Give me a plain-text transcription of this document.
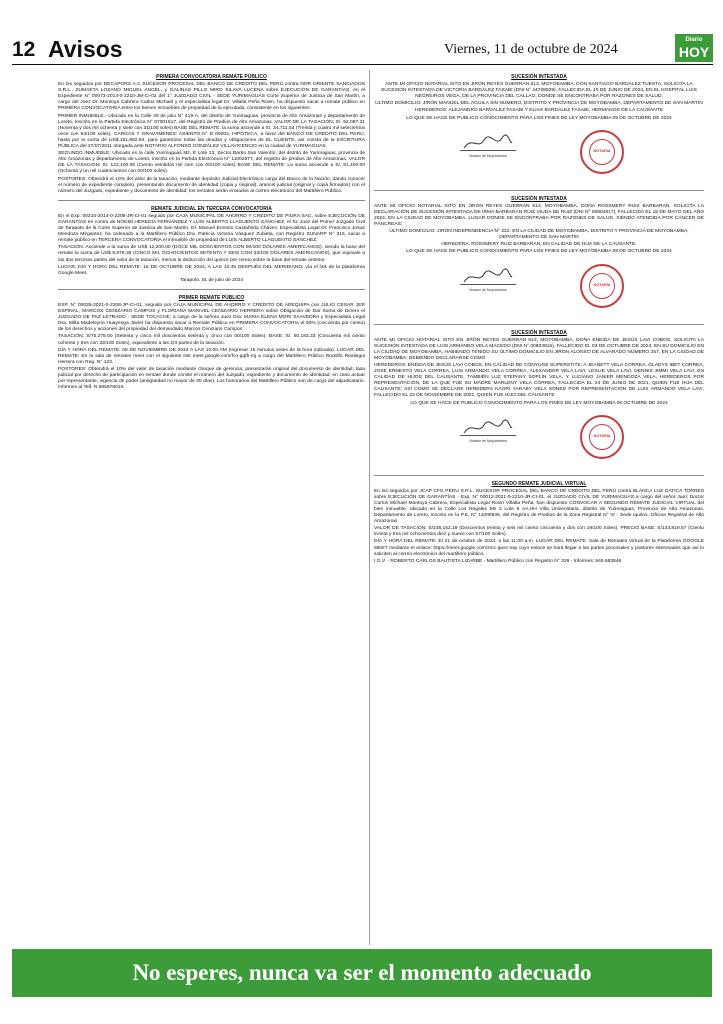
12 Avisos	Viernes, 11 de octubre de 2024
Diario
HOY
PRIMERA CONVOCATORIA REMATE PÚBLICO

En los seguidos por DECAPORS A.C SUCESOR PROCESAL DEL BANCO DE CRÉDITO DEL PERÚ contra NOR ORIENTE SANCIADOS S.R.L., ZUMAETA LOZANO MIGUEL ANGEL, y GALINAS PILLO MIRO SILAVA LUCENA sobre EJECUCIÓN DE GARANTÍAS, en el Expediente N° 00073-2014-0-2210-JM-CI-02 del 1° JUZGADO CIVIL - SEDE YURIMAGUAS Corte Superior de Justicia de San Martín, a cargo del Juez Dr. Montoya Cabrera Carlos Michael y el especialista legal Dr. Villalta Peña Rovin, ha dispuesto sacar a remate público en PRIMERA CONVOCATORIA entre los bienes inmuebles de propiedad de la ejecutada, consistente en los siguientes:

PRIMER INMUEBLE.- Ubicado en la Calle 28 de julio N° 419-A, del distrito de Yurimaguas, provincia de Alto Amazonas y departamento de Loreto, inscrito en la Partida Electrónica N° 07001617, del Registro de Predios de Alto Amazonas. VALOR DE LA TASACIÓN: S/. 92,087.31 (Noventa y dos mil ochenta y siete con 31/100 soles) BASE DEL REMATE: la suma asciende a S/. 34,711.54 (Treinta y cuatro mil setecientos once con 54/100 soles). CARGAS Y GRAVÁMENES: ASIENTO N° D 00002, HIPOTECA, a favor del BANCO DE CRÉDITO DEL PERÚ, hasta por la suma de US$.151,882.84, para garantizar todas las deudas y obligaciones de EL CLIENTE, así consta de la ESCRITURA PÚBLICA del 27/07/2011 otorgada ante NOTARIO ALFONSO GONZÁLEZ VILLAVICENCIO en la ciudad de YURIMAGUAS.

SEGUNDO INMUEBLE. Ubicado en la calle Yurimaguas Mz. E Lote 13, Sector Barrio San Valentín, del distrito de Yurimaguas, provincia de Alto Amazonas y departamento de Loreto, inscrito en la Partida Electrónica N° 11002577, del registro de predios de Alto Amazonas. VALOR DE LA TASACIÓN: S/. 122,100.00 (Ciento veintidós mil cien con 00/100 soles) BASE DEL REMATE: La suma asciende a S/. 81,400.00 (Ochenta y un mil cuatrocientos con 00/100 soles).

POSTORES: Obtendrá el 10% del valor de la tasación, mediante depósito Judicial Electrónico cargo del Banco de la Nación, dando conocer el número de expediente completo, presentando documento de identidad (copia y original), arancel judicial (original y copia firmados) con el número del Juzgado, expediente y documento de identidad; los remates serán enviados al correo electrónico del Martillero Público.

REMATE JUDICIAL EN TERCERA CONVOCATORIA

En el Exp. 00215-2014-0-2208-JR-CI-01 seguido por CAJA MUNICIPAL DE AHORRO Y CRÉDITO DE PIURA SAC, sobre EJECUCIÓN DE GARANTÍAS en contra de NOEMÍ HEREDIA FERNÁNDEZ Y LUIS ALBERTO LLAGUENTO SÁNCHEZ, el Sr. Juez del Primer Juzgado Civil de Tarapoto de la Corte Superior de Justicia de San Martín, Dr. Manuel Ernesto Castañeda Chávez, Especialista Legal Dr. Francisco Josué Mendoza Mirgantez, ha ordenado a la Martillero Público Dra. Patricia Victoria Vásquez Zubieta, con Registro SUNARP N° 315, sacar a remate público en TERCERA CONVOCATORIA el inmueble de propiedad de LUIS ALBERTO LLAGUENTO SÁNCHEZ.

TASACIÓN: Asciende a la suma de US$ 12,200.00 (DOCE MIL DOSCIENTOS CON 00/100 DÓLARES AMERICANOS), siendo la base del remate la suma de US$ 5,878.35 (CINCO MIL OCHOCIENTOS SETENTA Y SEIS CON 33/100 DÓLARES AMERICANOS), que equivale a las dos terceras partes del valor de la tasación, menos la deducción del quince por ciento sobre la base del remate anterior.

LUGAR, DÍA Y HORA DEL REMATE: 15 DE OCTUBRE DE 2024, A LAS 12:45 DESPUÉS DEL MERIDIANO, vía el link de la plataforma Google Meet.

Tarapoto, 01 de julio de 2024

PRIMER REMATE PÚBLICO

EXP. N° 00025-2021-0-2208-JP-CI-01, seguido por CAJA MUNICIPAL DE AHORRO Y CRÉDITO DE AREQUIPA con JULIO CESAR JER ESPINAL, MARCOS CENIZARIO CAMPOS y FLORIANA MARIVEL CENIZARIO HERRERA sobre Obligación de Dar Suma de Dinero el JUZGADO DE PAZ LETRADO - SEDE TOCACHE, a cargo de la señora Juez Dra. MARIA ELENA MORI SAAVEDRA y Especialista Legal Dra. Milta Madeleyne Huayenga Javier ha dispuesto sacar a Remate Público en PRIMERA CONVOCATORIA el 50% (cincuenta por ciento) de los derechos y acciones del propiedad del demandado Marcos Cenizario Campos.

TASACIÓN: S/75,275.00 (Setenta y cinco mil doscientos setenta y cinco con 00/100 Soles). BASE: S/. 50,183.33 (Cincuenta mil ciento ochenta y tres con 33/100 Soles), equivalente a las 2/3 partes de la tasación.

DÍA Y HORA DEL REMATE: 08 DE NOVIEMBRE DE 2024 A LAS 10:00 AM (Ingresar 15 minutos antes de la hora indicada). LUGAR DEL REMATE: En la sala de remates meet con el siguiente link meet.google.com/fco-gqfh-mj a cargo del Martillero Público Rodolfo Realiegui Herrera con Reg. N° 123.

POSTORES: Obtendrá el 10% del valor de tasación mediante cheque de gerencia; presentarán original del documento de identidad; tasa judicial por derecho de participación en remate donde conste el número del Juzgado, expediente y documento de identidad, en caso actuar por representante, vigencia de poder (antigüedad no mayor de 30 días). Los honorarios del Martillero Público son de cargo del adjudicatario. Informes al Telf. N 985578013.

SUCESIÓN INTESTADA

ANTE MI OFICIO NOTARIAL SITO EN JIRÓN REYES GUERRAN 613, MOYOBAMBA, DON SANTIAGO BARDÁLEZ TUESTA, SOLICITA LA SUCESIÓN INTESTADA DE VICTORIA BARDÁLEZ FASABI (DNI N° 44728929), FALLECIDA EL 10 DE JUNIO DE 2024, EN EL HOSPITAL LUIS NEGREIROS VEGA, DE LA PROVINCIA DEL CALLAO, DONDE SE ENCONTRABA POR RAZONES DE SALUD;

ÚLTIMO DOMICILIO: JIRÓN MANUEL DEL AGUILA SIN NÚMERO, DISTRITO Y PROVINCIA DE MOYOBAMBA, DEPARTAMENTO DE SAN MARTÍN

HEREDEROS: ALEJANDRO BARDÁLEZ FASABI Y ELIAS BARDÁLEZ FASABI, HERMANOS DE LA CAUSANTE

LO QUE SE HACE DE PUBLICO CONOCIMIENTO PARA LOS FINES DE LEY MOYOBAMBA 09 DE OCTUBRE DE 2024

Notario de Moyobamba
NOTARÍA
SUCESIÓN INTESTADA

ANTE MI OFICIO NOTARIAL SITO EN JIRÓN REYES GUERRAN 613, MOYOBAMBA, DOÑA ROSSMERY RUIZ BARBARAN, SOLICITA LA DECLARACIÓN DE SUCESIÓN INTESTADA DE IRMA BARBARÁN RUIZ VIUDA DE RUIZ (DNI N° 00804817), FALLECIDA EL 15 DE MAYO DEL AÑO 2024, EN LA CIUDAD DE MOYOBAMBA, LUGAR DONDE SE ENCONTRABA POR RAZONES DE SALUD, SIENDO ATENDIDA POR CÁNCER DE PÁNCREAS;

ÚLTIMO DOMICILIO: JIRÓN INDEPENDENCIA N° 222, EN LA CIUDAD DE MOYOBAMBA, DISTRITO Y PROVINCIA DE MOYOBAMBA, DEPARTAMENTO DE SAN MARTÍN

HEREDERA: ROSSMERY RUIZ BARBARAN, EN CALIDAD DE HIJA DE LA CAUSANTE,

LO QUE SE HACE DE PUBLICO CONOCIMIENTO PARA LOS FINES DE LEY MOYOBAMBA 09 DE OCTUBRE DE 2024

Notario de Moyobamba
NOTARÍA
SUCESIÓN INTESTADA

ANTE MI OFICIO NOTARIAL SITO EN JIRÓN REYES GUERRAN 613, MOYOBAMBA, DOÑA ENEIDA DE JESÚS LAVI COBOS, SOLICITA LA SUCESIÓN INTESTADA DE LUIS ARMANDO VELA MACEDO (DNI N° 00803816), FALLECIDO EL 03 DE OCTUBRE DE 2023, EN SU DOMICILIO EN LA CIUDAD DE MOYOBAMBA; HABIENDO TENIDO SU ÚLTIMO DOMICILIO EN JIRÓN ALONSO DE ALVARADO NÚMERO 257, EN LA CIUDAD DE MOYOBAMBA; DEBIENDO DECLARARSE COMO

HEREDEROS: ENEIDA DE JESÚS LAVI COBOS, EN CALIDAD DE CÓNYUGE SUPÉRSTITE; A JEANETT VELA CORREA, GLADYS IBET CORREA, JOSE ERNESTO VELA CORREA, LUIS ARMANDO VELA CORREA, ALEXANDER VELA LAVI; LESLIE VELA LAVI, DENNIS JIMMI VELA LAVI, EN CALIDAD DE HIJOS DEL CAUSANTE, TAMBIÉN LUZ STEPANY SOPLIN VELA, Y LUCIANO JANIER MENDOZA VELA, HEREDEROS POR REPRESENTACIÓN, DE LA QUE FUE SU MADRE MARLENY VELA CORREA, FALLECIDA EL 24 DE JUNIO DE 2021, QUIEN FUE HIJA DEL CAUSANTE; ASÍ COMO SE DECLARE HEREDERA KAORI YARABY VELA SONED POR REPRESENTACIÓN DE LUIS ARMANDO VELA LAVI, FALLECIDO EL 22 DE NOVIEMBRE DE 2022, QUIEN FUE HIJO DEL CAUSANTE

LO QUE SE HACE DE PUBLICO CONOCIMIENTO PARA LOS FINES DE LEY MOYOBAMBA 09 OCTUBRE DE 2024

Notario de Moyobamba
NOTARÍA
SEGUNDO REMATE JUDICIAL VIRTUAL

En los seguidos por JCAP CFG PERU S.R.L. SUCESOR PROCESAL DEL BANCO DE CRÉDITO DEL PERÚ contra BLANCA LUZ GATICA TORRES sobre EJECUCIÓN DE GARANTÍAS - Exp. N° 00012-2021-0-2210-JR-CI-01, el JUZGADO CIVIL DE YURIMAGUAS a cargo del señor Juez Doctor Carlos Michael Montoya Cabrera, Especialista Legal Rovin Villalta Peña, han dispuesto CONVOCAR A SEGUNDO REMATE JUDICIAL VIRTUAL del bien inmueble, ubicado en la Calle Los Nogales Mz 2 Lote 6 AA.HH Villa Universitaria, distrito de Yurimaguas, Provincia de Alto Amazonas, Departamento de Loreto, inscrito en la P.E. N° 11008936, del Registro de Predios de la Zona Registral N° IV - Sede Iquitos, Oficina Registral de Alto Amazonas.

VALOR DE TASACIÓN: S/236,152.19 (Doscientos treinta y seis mil ciento cincuenta y dos con 19/100 Soles). PRECIO BASE: S/133,819.57 (Ciento treinta y tres mil ochocientos diez y nueve con 57/100 Soles).

DÍA Y HORA DEL REMATE: El 21 de octubre de 2024, a las 11:00 a.m. LUGAR DEL REMATE: Sala de Remates Virtual de la Plataforma GOOGLE MEET mediante el enlace: https://meet.google.com/zmc-gwcr-ssp cuyo enlace se hará llegar a las partes procesales y postores interesados que así lo soliciten al correo electrónico del martillero público.

I.G.V. - ROBERTO CARLOS BAUTISTA LIZARBE - Martillero Público con Registro N° 326 - Informes: 945 683846

No esperes, nunca va ser el momento adecuado
